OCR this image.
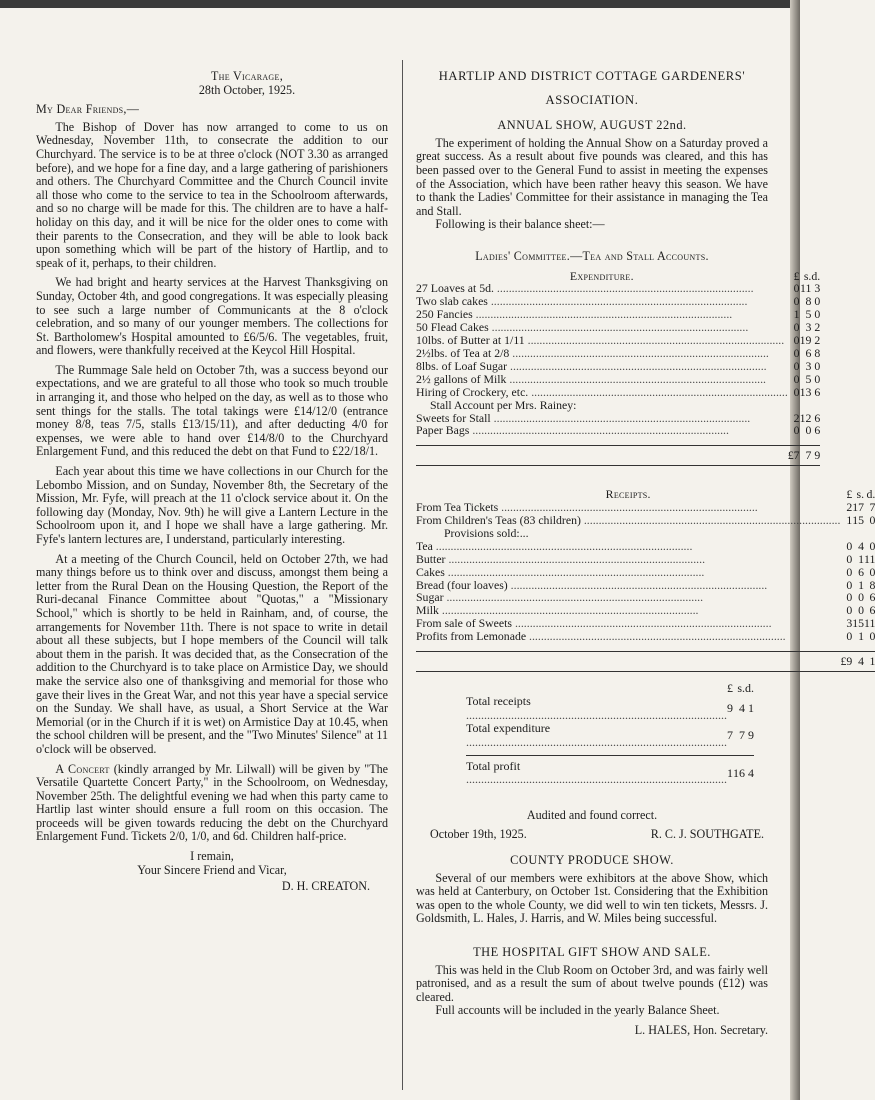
The Vicarage,
28th October, 1925.
My Dear Friends,—

The Bishop of Dover has now arranged to come to us on Wednesday, November 11th, to consecrate the addition to our Churchyard. The service is to be at three o'clock (NOT 3.30 as arranged before), and we hope for a fine day, and a large gathering of parishioners and others. The Churchyard Committee and the Church Council invite all those who come to the service to tea in the Schoolroom afterwards, and so no charge will be made for this. The children are to have a half-holiday on this day, and it will be nice for the older ones to come with their parents to the Consecration, and they will be able to look back upon something which will be part of the history of Hartlip, and to speak of it, perhaps, to their children.

We had bright and hearty services at the Harvest Thanksgiving on Sunday, October 4th, and good congregations. It was especially pleasing to see such a large number of Communicants at the 8 o'clock celebration, and so many of our younger members. The collections for St. Bartholomew's Hospital amounted to £6/5/6. The vegetables, fruit, and flowers, were thankfully received at the Keycol Hill Hospital.

The Rummage Sale held on October 7th, was a success beyond our expectations, and we are grateful to all those who took so much trouble in arranging it, and those who helped on the day, as well as to those who sent things for the stalls. The total takings were £14/12/0 (entrance money 8/8, teas 7/5, stalls £13/15/11), and after deducting 4/0 for expenses, we were able to hand over £14/8/0 to the Churchyard Enlargement Fund, and this reduced the debt on that Fund to £22/18/1.

Each year about this time we have collections in our Church for the Lebombo Mission, and on Sunday, November 8th, the Secretary of the Mission, Mr. Fyfe, will preach at the 11 o'clock service about it. On the following day (Monday, Nov. 9th) he will give a Lantern Lecture in the Schoolroom upon it, and I hope we shall have a large gathering. Mr. Fyfe's lantern lectures are, I understand, particularly interesting.

At a meeting of the Church Council, held on October 27th, we had many things before us to think over and discuss, amongst them being a letter from the Rural Dean on the Housing Question, the Report of the Ruri-decanal Finance Committee about "Quotas," a "Missionary School," which is shortly to be held in Rainham, and, of course, the arrangements for November 11th. There is not space to write in detail about all these subjects, but I hope members of the Council will talk about them in the parish. It was decided that, as the Consecration of the addition to the Churchyard is to take place on Armistice Day, we should make the service also one of thanksgiving and memorial for those who gave their lives in the Great War, and not this year have a special service on the Sunday. We shall have, as usual, a Short Service at the War Memorial (or in the Church if it is wet) on Armistice Day at 10.45, when the school children will be present, and the "Two Minutes' Silence" at 11 o'clock will be observed.

A Concert (kindly arranged by Mr. Lilwall) will be given by "The Versatile Quartette Concert Party," in the Schoolroom, on Wednesday, November 25th. The delightful evening we had when this party came to Hartlip last winter should ensure a full room on this occasion. The proceeds will be given towards reducing the debt on the Churchyard Enlargement Fund. Tickets 2/0, 1/0, and 6d. Children half-price.

I remain,
Your Sincere Friend and Vicar,
D. H. CREATON.
HARTLIP AND DISTRICT COTTAGE GARDENERS'
ASSOCIATION.
ANNUAL SHOW, AUGUST 22nd.

The experiment of holding the Annual Show on a Saturday proved a great success. As a result about five pounds was cleared, and this has been passed over to the General Fund to assist in meeting the expenses of the Association, which have been rather heavy this season. We have to thank the Ladies' Committee for their assistance in managing the Tea and Stall.

Following is their balance sheet:—

Ladies' Committee.—Tea and Stall Accounts.
Expenditure.	£	s.	d.
27 Loaves at 5d. .....	0	11	3
Two slab cakes .....	0	8	0
250 Fancies .....	1	5	0
50 Flead Cakes .....	0	3	2
10lbs. of Butter at 1/11 .....	0	19	2
2½lbs. of Tea at 2/8 .....	0	6	8
8lbs. of Loaf Sugar .....	0	3	0
2½ gallons of Milk .....	0	5	0
Hiring of Crockery, etc. .....	0	13	6
Stall Account per Mrs. Rainey:			
Sweets for Stall .....	2	12	6
Paper Bags .....	0	0	6

	£7	7	9
Receipts.	£	s.	d.
From Tea Tickets .....	2	17	7
From Children's Teas (83 children) .....	1	15	0
Provisions sold:...			
Tea .....	0	4	0
Butter .....	0	1	11
Cakes .....	0	6	0
Bread (four loaves) .....	0	1	8
Sugar .....	0	0	6
Milk .....	0	0	6
From sale of Sweets .....	3	15	11
Profits from Lemonade .....	0	1	0

	£9	4	1
	£	s.	d.
Total receipts .....	9	4	1
Total expenditure .....	7	7	9

Total profit .....	1	16	4
Audited and found correct.
October 19th, 1925.	R. C. J. SOUTHGATE.
COUNTY PRODUCE SHOW.

Several of our members were exhibitors at the above Show, which was held at Canterbury, on October 1st. Considering that the Exhibition was open to the whole County, we did well to win ten tickets, Messrs. J. Goldsmith, L. Hales, J. Harris, and W. Miles being successful.

THE HOSPITAL GIFT SHOW AND SALE.

This was held in the Club Room on October 3rd, and was fairly well patronised, and as a result the sum of about twelve pounds (£12) was cleared.

Full accounts will be included in the yearly Balance Sheet.

L. HALES, Hon. Secretary.
